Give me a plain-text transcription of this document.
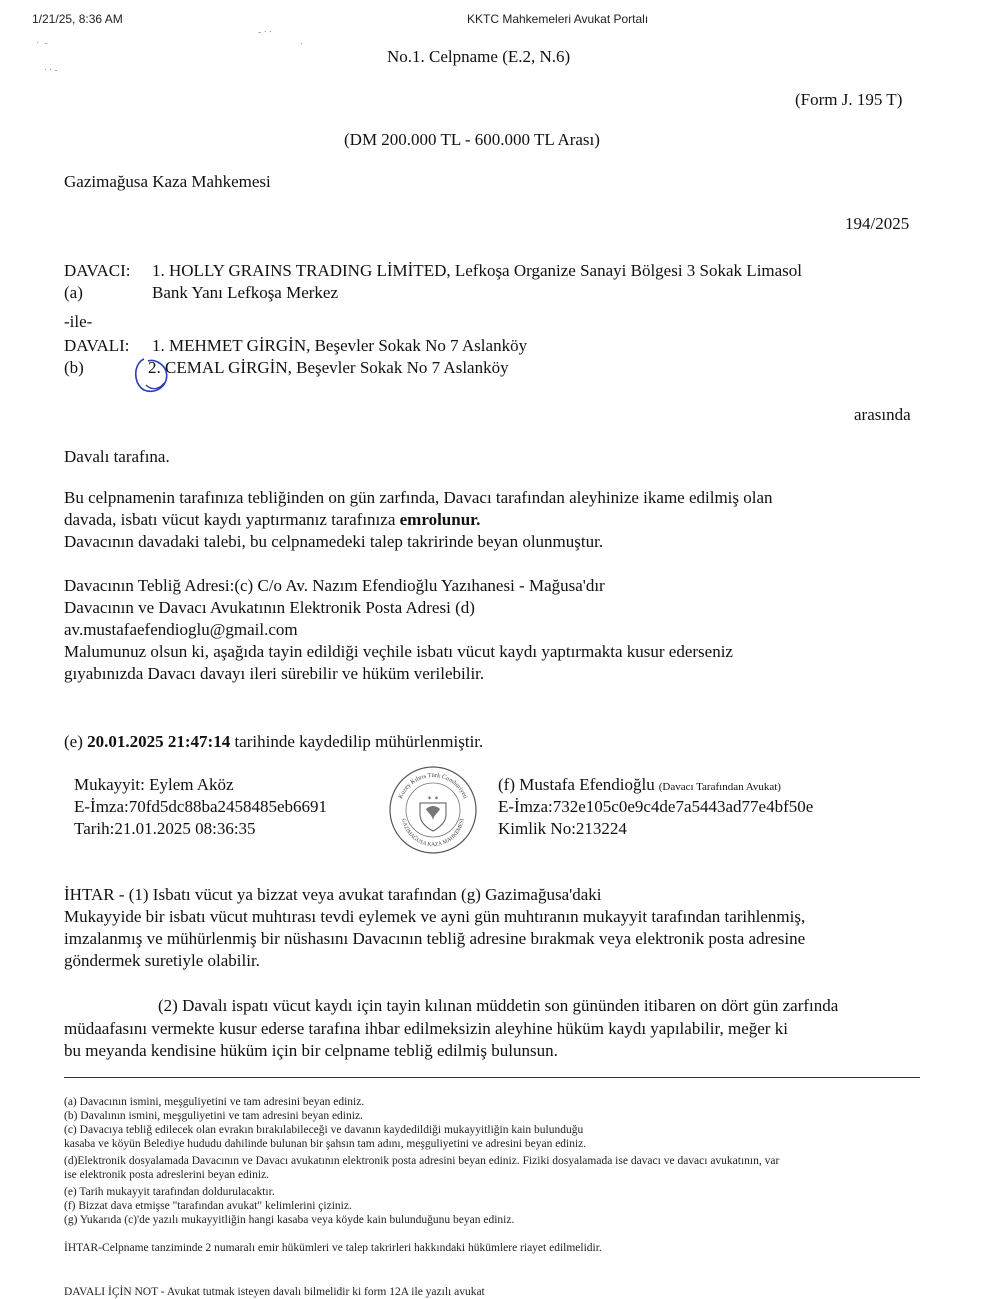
1/21/25, 8:36 AM	KKTC Mahkemeleri Avukat Portalı
·  -
⸱ ⸱ -
- ⸱ ⸱
⸱
No.1. Celpname (E.2, N.6)
(Form J. 195 T)
(DM 200.000 TL - 600.000 TL Arası)
Gazimağusa Kaza Mahkemesi
194/2025
DAVACI: 1. HOLLY GRAINS TRADING LİMİTED, Lefkoşa Organize Sanayi Bölgesi 3 Sokak Limasol
(a)	Bank Yanı Lefkoşa Merkez
-ile-
DAVALI: 1. MEHMET GİRGİN, Beşevler Sokak No 7 Aslanköy
(b)	2. CEMAL GİRGİN, Beşevler Sokak No 7 Aslanköy
arasında
Davalı tarafına.
Bu celpnamenin tarafınıza tebliğinden on gün zarfında, Davacı tarafından aleyhinize ikame edilmiş olan
davada, isbatı vücut kaydı yaptırmanız tarafınıza emrolunur.
Davacının davadaki talebi, bu celpnamedeki talep takririnde beyan olunmuştur.
Davacının Tebliğ Adresi:(c) C/o Av. Nazım Efendioğlu Yazıhanesi - Mağusa'dır
Davacının ve Davacı Avukatının Elektronik Posta Adresi (d)
av.mustafaefendioglu@gmail.com
Malumunuz olsun ki, aşağıda tayin edildiği veçhile isbatı vücut kaydı yaptırmakta kusur ederseniz
gıyabınızda Davacı davayı ileri sürebilir ve hüküm verilebilir.
(e) 20.01.2025 21:47:14 tarihinde kaydedilip mühürlenmiştir.
Mukayyit: Eylem Aköz
E-İmza:70fd5dc88ba2458485eb6691
Tarih:21.01.2025 08:36:35
Kuzey Kıbrıs Türk Cumhuriyeti
GAZİMAĞUSA KAZA MAHKEMESİ
✶ ✶
(f) Mustafa Efendioğlu (Davacı Tarafından Avukat)
E-İmza:732e105c0e9c4de7a5443ad77e4bf50e
Kimlik No:213224
İHTAR - (1) Isbatı vücut ya bizzat veya avukat tarafından (g) Gazimağusa'daki
Mukayyide bir isbatı vücut muhtırası tevdi eylemek ve ayni gün muhtıranın mukayyit tarafından tarihlenmiş,
imzalanmış ve mühürlenmiş bir nüshasını Davacının tebliğ adresine bırakmak veya elektronik posta adresine
göndermek suretiyle olabilir.
(2) Davalı ispatı vücut kaydı için tayin kılınan müddetin son gününden itibaren on dört gün zarfında
müdaafasını vermekte kusur ederse tarafına ihbar edilmeksizin aleyhine hüküm kaydı yapılabilir, meğer ki
bu meyanda kendisine hüküm için bir celpname tebliğ edilmiş bulunsun.
(a) Davacının ismini, meşguliyetini ve tam adresini beyan ediniz.
(b) Davalının ismini, meşguliyetini ve tam adresini beyan ediniz.
(c) Davacıya tebliğ edilecek olan evrakın bırakılabileceği ve davanın kaydedildiği mukayyitliğin kain bulunduğu
kasaba ve köyün Belediye hududu dahilinde bulunan bir şahsın tam adını, meşguliyetini ve adresini beyan ediniz.
(d)Elektronik dosyalamada Davacının ve Davacı avukatının elektronik posta adresini beyan ediniz. Fiziki dosyalamada ise davacı ve davacı avukatının, var
ise elektronik posta adreslerini beyan ediniz.
(e) Tarih mukayyit tarafından doldurulacaktır.
(f) Bizzat dava etmişse "tarafından avukat" kelimlerini çiziniz.
(g) Yukarıda (c)'de yazılı mukayyitliğin hangi kasaba veya köyde kain bulunduğunu beyan ediniz.
İHTAR-Celpname tanziminde 2 numaralı emir hükümleri ve talep takrirleri hakkındaki hükümlere riayet edilmelidir.
DAVALI İÇİN NOT - Avukat tutmak isteyen davalı bilmelidir ki form 12A ile yazılı avukat
